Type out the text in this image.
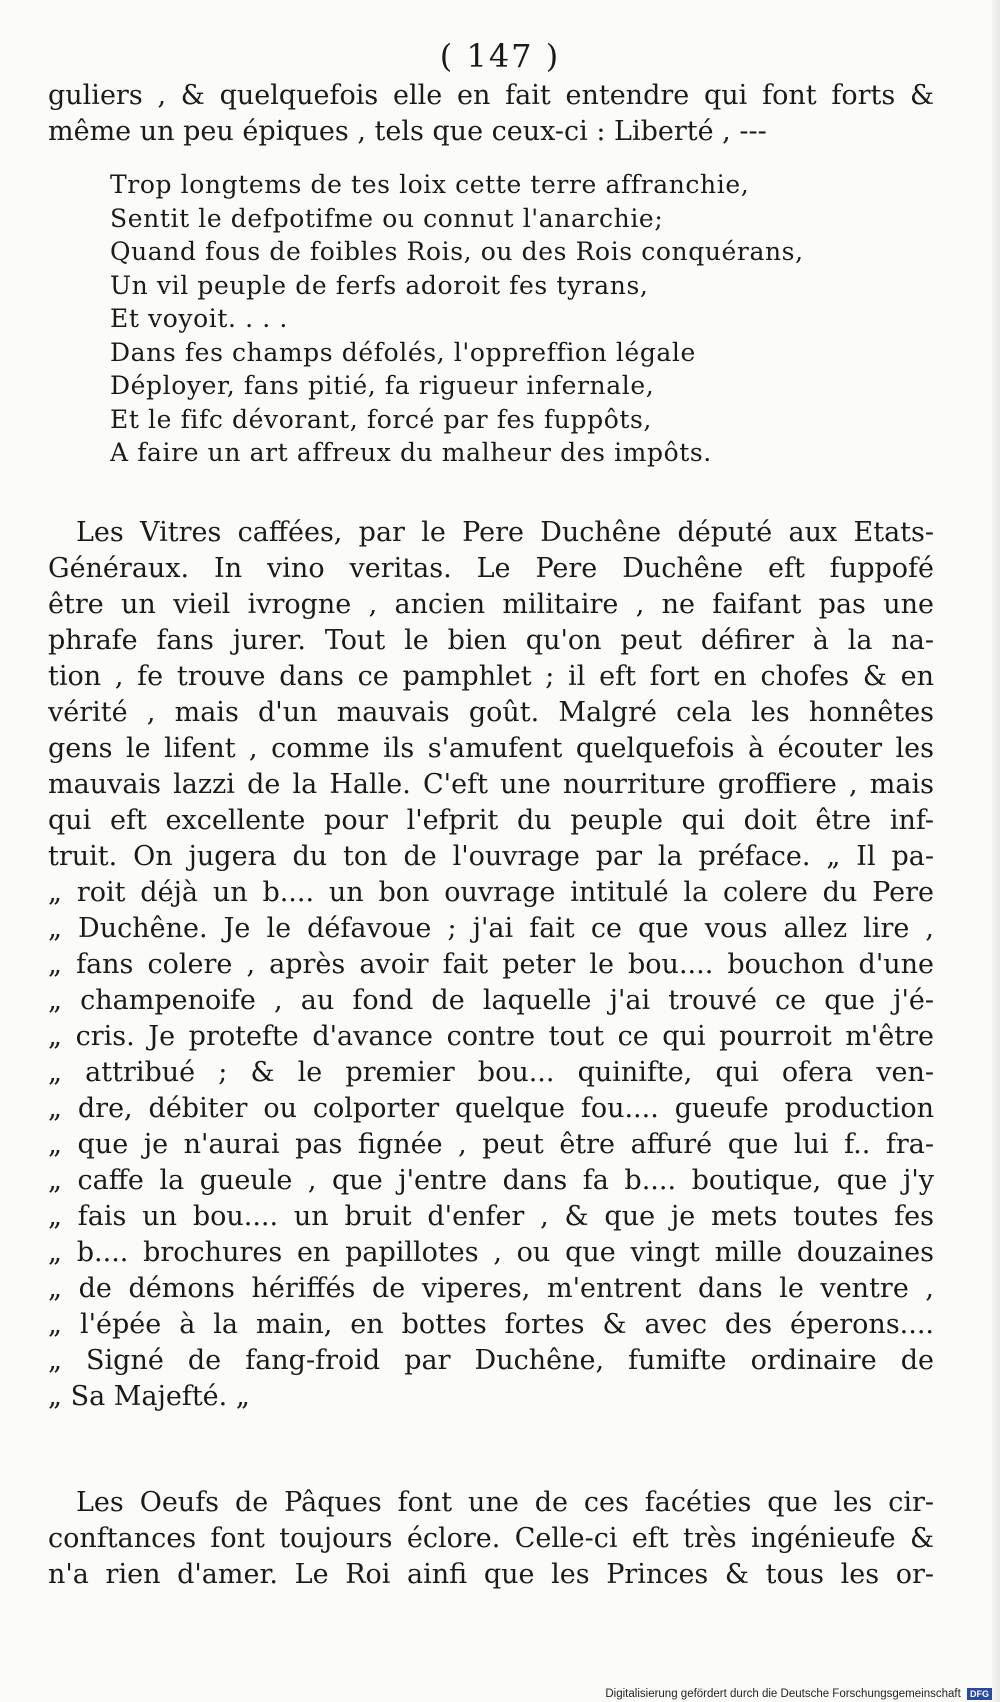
( 147 )
guliers , & quelquefois elle en fait entendre qui font forts &
même un peu épiques , tels que ceux-ci : Liberté , ---
Trop longtems de tes loix cette terre affranchie,
Sentit le defpotifme ou connut l'anarchie;
Quand fous de foibles Rois, ou des Rois conquérans,
Un vil peuple de ferfs adoroit fes tyrans,
Et voyoit. . . .
Dans fes champs défolés, l'oppreffion légale
Déployer, fans pitié, fa rigueur infernale,
Et le fifc dévorant, forcé par fes fuppôts,
A faire un art affreux du malheur des impôts.
Les Vitres caffées, par le Pere Duchêne député aux Etats-
Généraux. In vino veritas. Le Pere Duchêne eft fuppofé
être un vieil ivrogne , ancien militaire , ne faifant pas une
phrafe fans jurer. Tout le bien qu'on peut défirer à la na-
tion , fe trouve dans ce pamphlet ; il eft fort en chofes & en
vérité , mais d'un mauvais goût. Malgré cela les honnêtes
gens le lifent , comme ils s'amufent quelquefois à écouter les
mauvais lazzi de la Halle. C'eft une nourriture groffiere , mais
qui eft excellente pour l'efprit du peuple qui doit être inf-
truit. On jugera du ton de l'ouvrage par la préface. „ Il pa-
„ roit déjà un b.... un bon ouvrage intitulé la colere du Pere
„ Duchêne. Je le défavoue ; j'ai fait ce que vous allez lire ,
„ fans colere , après avoir fait peter le bou.... bouchon d'une
„ champenoife , au fond de laquelle j'ai trouvé ce que j'é-
„ cris. Je protefte d'avance contre tout ce qui pourroit m'être
„ attribué ; & le premier bou... quinifte, qui ofera ven-
„ dre, débiter ou colporter quelque fou.... gueufe production
„ que je n'aurai pas fignée , peut être affuré que lui f.. fra-
„ caffe la gueule , que j'entre dans fa b.... boutique, que j'y
„ fais un bou.... un bruit d'enfer , & que je mets toutes fes
„ b.... brochures en papillotes , ou que vingt mille douzaines
„ de démons hériffés de viperes, m'entrent dans le ventre ,
„ l'épée à la main, en bottes fortes & avec des éperons....
„ Signé de fang-froid par Duchêne, fumifte ordinaire de
„ Sa Majefté. „
Les Oeufs de Pâques font une de ces facéties que les cir-
conftances font toujours éclore. Celle-ci eft très ingénieufe &
n'a rien d'amer. Le Roi ainfi que les Princes & tous les or-
Digitalisierung gefördert durch die Deutsche Forschungsgemeinschaft DFG
